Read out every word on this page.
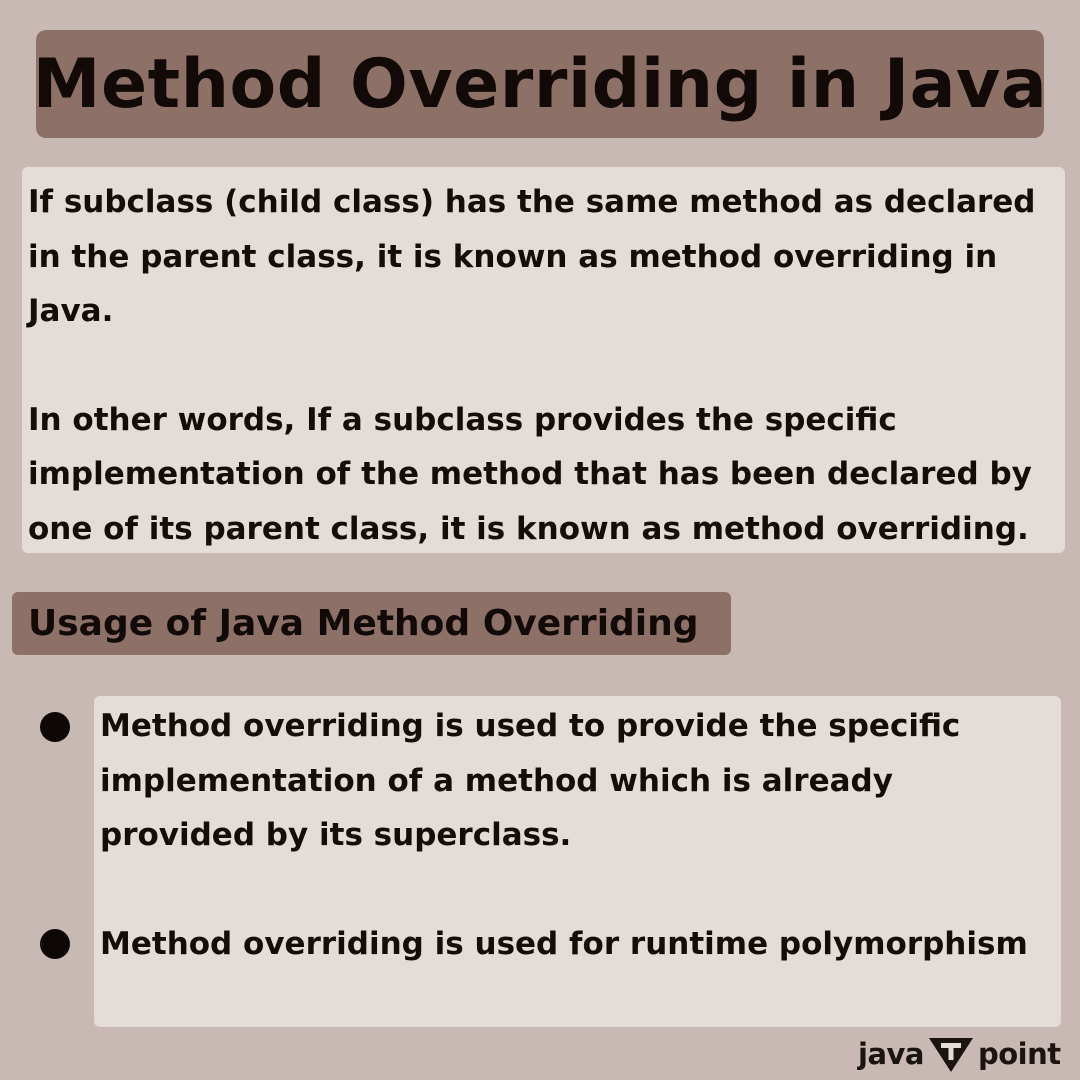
Method Overriding in Java

If subclass (child class) has the same method as declared
in the parent class, it is known as method overriding in
Java.

In other words, If a subclass provides the specific
implementation of the method that has been declared by
one of its parent class, it is known as method overriding.

Usage of Java Method Overriding

Method overriding is used to provide the specific
implementation of a method which is already
provided by its superclass.

Method overriding is used for runtime polymorphism

java point
